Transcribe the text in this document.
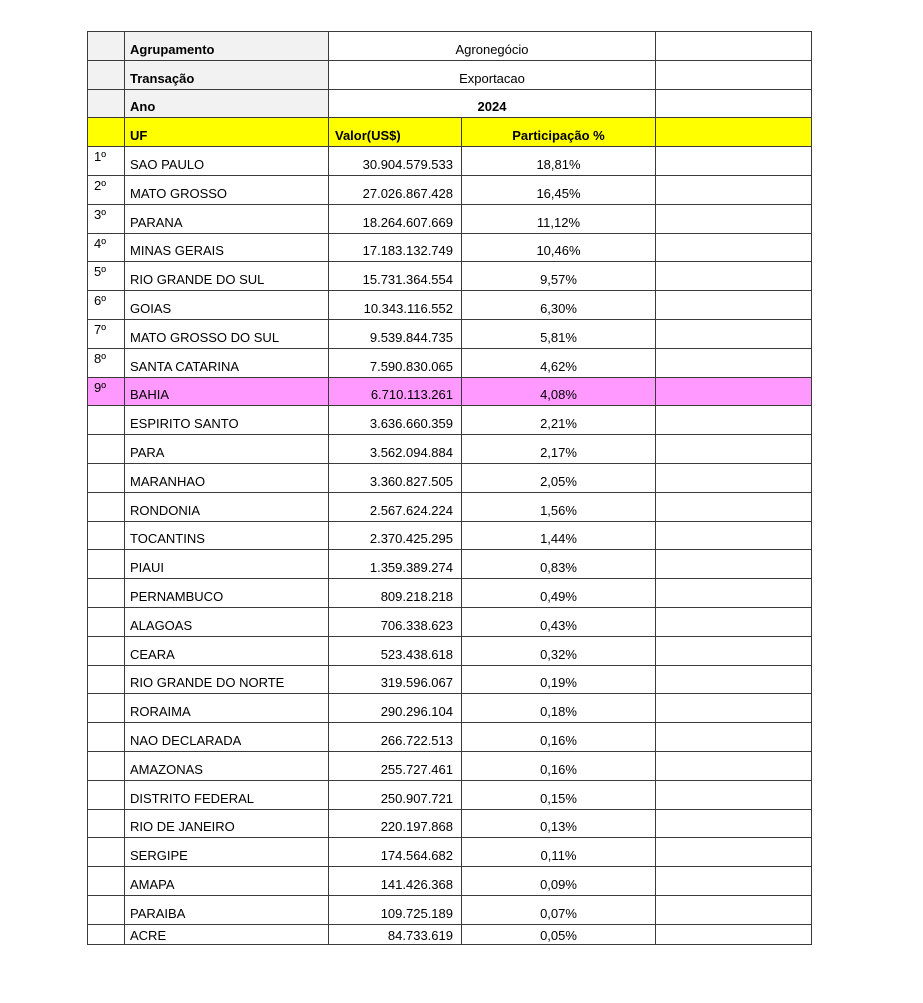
	Agrupamento	Agronegócio		
	Transação	Exportacao		
	Ano	2024		
	UF	Valor(US$)	Participação %	
1º	SAO PAULO	30.904.579.533	18,81%	
2º	MATO GROSSO	27.026.867.428	16,45%	
3º	PARANA	18.264.607.669	11,12%	
4º	MINAS GERAIS	17.183.132.749	10,46%	
5º	RIO GRANDE DO SUL	15.731.364.554	9,57%	
6º	GOIAS	10.343.116.552	6,30%	
7º	MATO GROSSO DO SUL	9.539.844.735	5,81%	
8º	SANTA CATARINA	7.590.830.065	4,62%	
9º	BAHIA	6.710.113.261	4,08%	
	ESPIRITO SANTO	3.636.660.359	2,21%	
	PARA	3.562.094.884	2,17%	
	MARANHAO	3.360.827.505	2,05%	
	RONDONIA	2.567.624.224	1,56%	
	TOCANTINS	2.370.425.295	1,44%	
	PIAUI	1.359.389.274	0,83%	
	PERNAMBUCO	809.218.218	0,49%	
	ALAGOAS	706.338.623	0,43%	
	CEARA	523.438.618	0,32%	
	RIO GRANDE DO NORTE	319.596.067	0,19%	
	RORAIMA	290.296.104	0,18%	
	NAO DECLARADA	266.722.513	0,16%	
	AMAZONAS	255.727.461	0,16%	
	DISTRITO FEDERAL	250.907.721	0,15%	
	RIO DE JANEIRO	220.197.868	0,13%	
	SERGIPE	174.564.682	0,11%	
	AMAPA	141.426.368	0,09%	
	PARAIBA	109.725.189	0,07%	
	ACRE	84.733.619	0,05%	
